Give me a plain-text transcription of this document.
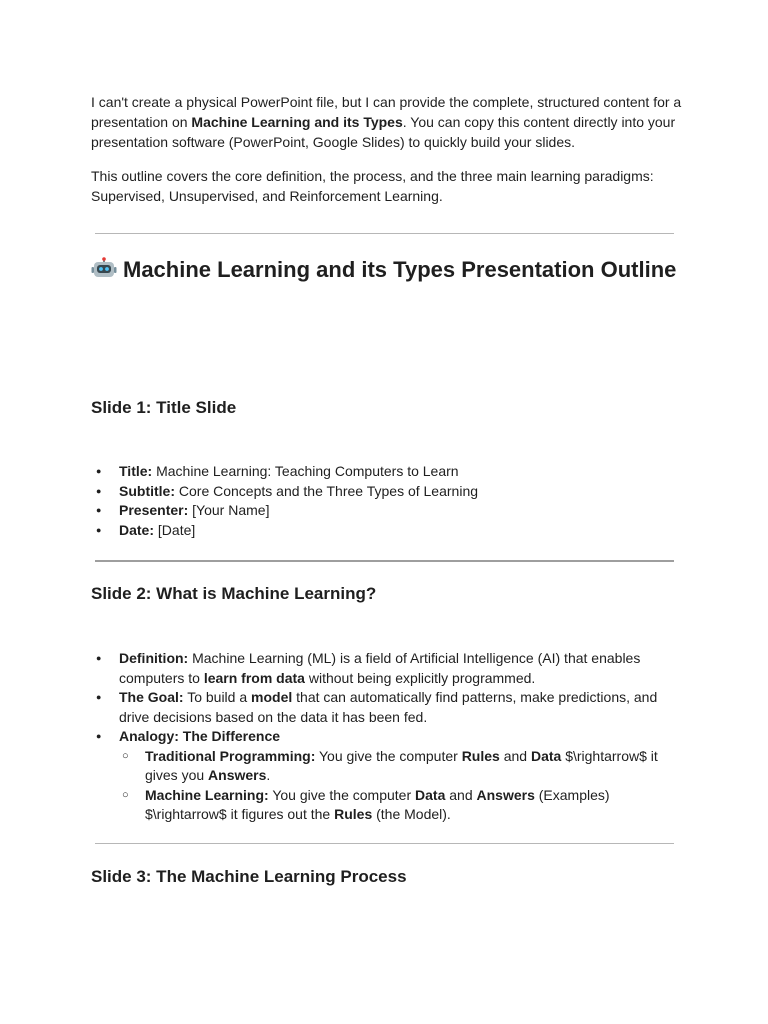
I can't create a physical PowerPoint file, but I can provide the complete, structured content for a presentation on Machine Learning and its Types. You can copy this content directly into your presentation software (PowerPoint, Google Slides) to quickly build your slides.

This outline covers the core definition, the process, and the three main learning paradigms: Supervised, Unsupervised, and Reinforcement Learning.

Machine Learning and its Types Presentation Outline
Slide 1: Title Slide
● Title: Machine Learning: Teaching Computers to Learn
● Subtitle: Core Concepts and the Three Types of Learning
● Presenter: [Your Name]
● Date: [Date]
Slide 2: What is Machine Learning?
● Definition: Machine Learning (ML) is a field of Artificial Intelligence (AI) that enables computers to learn from data without being explicitly programmed.
● The Goal: To build a model that can automatically find patterns, make predictions, and drive decisions based on the data it has been fed.
● Analogy: The Difference
○ Traditional Programming: You give the computer Rules and Data $\rightarrow$ it gives you Answers.
○ Machine Learning: You give the computer Data and Answers (Examples) $\rightarrow$ it figures out the Rules (the Model).
Slide 3: The Machine Learning Process
